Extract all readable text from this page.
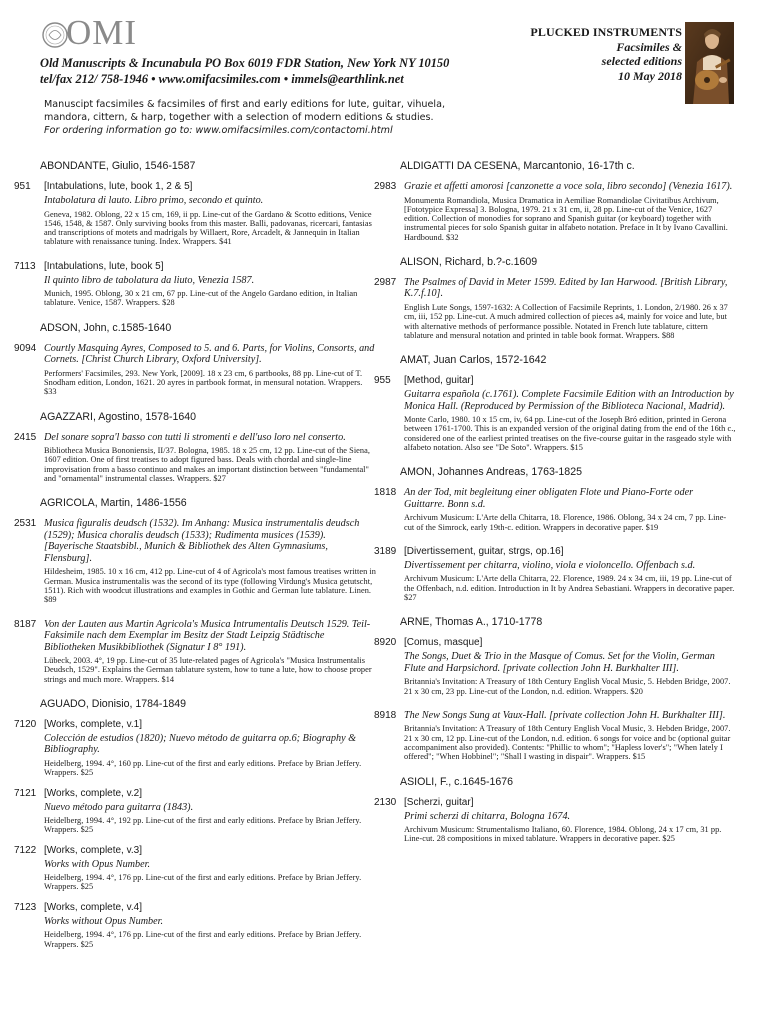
OMI
Old Manuscripts & Incunabula PO Box 6019 FDR Station, New York NY 10150
tel/fax 212/ 758-1946 • www.omifacsimiles.com • immels@earthlink.net
PLUCKED INSTRUMENTS
Facsimiles &
selected editions
10 May 2018
Manuscipt facsimiles & facsimiles of first and early editions for lute, guitar, vihuela,
mandora, cittern, & harp, together with a selection of modern editions & studies.
For ordering information go to: www.omifacsimiles.com/contactomi.html
ABONDANTE, Giulio, 1546-1587
951	[Intabulations, lute, book 1, 2 & 5]
Intabolatura di lauto. Libro primo, secondo et quinto.
Geneva, 1982. Oblong, 22 x 15 cm, 169, ii pp. Line-cut of the Gardano & Scotto editions, Venice 1546, 1548, & 1587. Only surviving books from this master. Balli, padovanas, ricercari, fantasias and transcriptions of motets and madrigals by Willaert, Rore, Arcadelt, & Jannequin in Italian tablature with renaissance tuning. Index. Wrappers. $41
7113 [Intabulations, lute, book 5]
Il quinto libro de tabolatura da liuto, Venezia 1587.
Munich, 1995. Oblong, 30 x 21 cm, 67 pp. Line-cut of the Angelo Gardano edition, in Italian tablature. Venice, 1587. Wrappers. $28
ADSON, John, c.1585-1640
9094 Courtly Masquing Ayres, Composed to 5. and 6. Parts, for Violins, Consorts, and Cornets. [Christ Church Library, Oxford University].
Performers' Facsimiles, 293. New York, [2009]. 18 x 23 cm, 6 partbooks, 88 pp. Line-cut of T. Snodham edition, London, 1621. 20 ayres in partbook format, in mensural notation. Wrappers. $33
AGAZZARI, Agostino, 1578-1640
2415 Del sonare sopra'l basso con tutti li stromenti e dell'uso loro nel conserto.
Bibliotheca Musica Bononiensis, II/37. Bologna, 1985. 18 x 25 cm, 12 pp. Line-cut of the Siena, 1607 edition. One of first treatises to adopt figured bass. Deals with chordal and single-line improvisation from a basso continuo and makes an important distinction between "fundamental" and "ornamental" instrumental classes. Wrappers. $27
AGRICOLA, Martin, 1486-1556
2531 Musica figuralis deudsch (1532). Im Anhang: Musica instrumentalis deudsch (1529); Musica choralis deudsch (1533); Rudimenta musices (1539). [Bayerische Staatsbibl., Munich & Bibliothek des Alten Gymnasiums, Flensburg].
Hildesheim, 1985. 10 x 16 cm, 412 pp. Line-cut of 4 of Agricola's most famous treatises written in German. Musica instrumentalis was the second of its type (following Virdung's Musica getutscht, 1511). Rich with woodcut illustrations and examples in Gothic and German lute tablature. Linen. $89
8187 Von der Lauten aus Martin Agricola's Musica Intrumentalis Deutsch 1529. Teil-Faksimile nach dem Exemplar im Besitz der Stadt Leipzig Städtische Bibliotheken Musikbibliothek (Signatur I 8° 191).
Lübeck, 2003. 4°, 19 pp. Line-cut of 35 lute-related pages of Agricola's "Musica Instrumentalis Deudsch, 1529". Explains the German tablature system, how to tune a lute, how to choose proper strings and much more. Wrappers. $14
AGUADO, Dionisio, 1784-1849
7120 [Works, complete, v.1]
Colección de estudios (1820); Nuevo método de guitarra op.6; Biography & Bibliography.
Heidelberg, 1994. 4°, 160 pp. Line-cut of the first and early editions. Preface by Brian Jeffery. Wrappers. $25
7121 [Works, complete, v.2]
Nuevo método para guitarra (1843).
Heidelberg, 1994. 4°, 192 pp. Line-cut of the first and early editions. Preface by Brian Jeffery. Wrappers. $25
7122 [Works, complete, v.3]
Works with Opus Number.
Heidelberg, 1994. 4°, 176 pp. Line-cut of the first and early editions. Preface by Brian Jeffery. Wrappers. $25
7123 [Works, complete, v.4]
Works without Opus Number.
Heidelberg, 1994. 4°, 176 pp. Line-cut of the first and early editions. Preface by Brian Jeffery. Wrappers. $25
ALDIGATTI DA CESENA, Marcantonio, 16-17th c.
2983 Grazie et affetti amorosi [canzonette a voce sola, libro secondo] (Venezia 1617).
Monumenta Romandiola, Musica Dramatica in Aemiliae Romandiolae Civitatibus Archivum, [Fototypice Expressa] 3. Bologna, 1979. 21 x 31 cm, ii, 28 pp. Line-cut of the Venice, 1627 edition. Collection of monodies for soprano and Spanish guitar (or keyboard) together with instrumental pieces for solo Spanish guitar in alfabeto notation. Preface in It by Ivano Cavallini. Hardbound. $32
ALISON, Richard, b.?-c.1609
2987 The Psalmes of David in Meter 1599. Edited by Ian Harwood. [British Library, K.7.f.10].
English Lute Songs, 1597-1632: A Collection of Facsimile Reprints, 1. London, 2/1980. 26 x 37 cm, iii, 152 pp. Line-cut. A much admired collection of pieces a4, mainly for voice and lute, but with alternative methods of performance possible. Notated in French lute tablature, cittern tablature and mensural notation and printed in table book format. Wrappers. $88
AMAT, Juan Carlos, 1572-1642
955	[Method, guitar]
Guitarra española (c.1761). Complete Facsimile Edition with an Introduction by Monica Hall. (Reproduced by Permission of the Biblioteca Nacional, Madrid).
Monte Carlo, 1980. 10 x 15 cm, iv, 64 pp. Line-cut of the Joseph Bró edition, printed in Gerona between 1761-1700. This is an expanded version of the original dating from the end of the 16th c., considered one of the earliest printed treatises on the five-course guitar in the rasgeado style with alfabeto notation. Also see "De Soto". Wrappers. $15
AMON, Johannes Andreas, 1763-1825
1818 An der Tod, mit begleitung einer obligaten Flote und Piano-Forte oder Guittarre. Bonn s.d.
Archivum Musicum: L'Arte della Chitarra, 18. Florence, 1986. Oblong, 34 x 24 cm, 7 pp. Line-cut of the Simrock, early 19th-c. edition. Wrappers in decorative paper. $19
3189 [Divertissement, guitar, strgs, op.16]
Divertissement per chitarra, violino, viola e violoncello. Offenbach s.d.
Archivum Musicum: L'Arte della Chitarra, 22. Florence, 1989. 24 x 34 cm, iii, 19 pp. Line-cut of the Offenbach, n.d. edition. Introduction in It by Andrea Sebastiani. Wrappers in decorative paper. $27
ARNE, Thomas A., 1710-1778
8920 [Comus, masque]
The Songs, Duet & Trio in the Masque of Comus. Set for the Violin, German Flute and Harpsichord. [private collection John H. Burkhalter III].
Britannia's Invitation: A Treasury of 18th Century English Vocal Music, 5. Hebden Bridge, 2007. 21 x 30 cm, 23 pp. Line-cut of the London, n.d. edition. Wrappers. $20
8918 The New Songs Sung at Vaux-Hall. [private collection John H. Burkhalter III].
Britannia's Invitation: A Treasury of 18th Century English Vocal Music, 3. Hebden Bridge, 2007. 21 x 30 cm, 12 pp. Line-cut of the London, n.d. edition. 6 songs for voice and bc (optional guitar accompaniment also provided). Contents: "Phillic to whom"; "Hapless lover's"; "When lately I offered"; "When Hobbinel"; "Shall I wasting in dispair". Wrappers. $15
ASIOLI, F., c.1645-1676
2130 [Scherzi, guitar]
Primi scherzi di chitarra, Bologna 1674.
Archivum Musicum: Strumentalismo Italiano, 60. Florence, 1984. Oblong, 24 x 17 cm, 31 pp. Line-cut. 28 compositions in mixed tablature. Wrappers in decorative paper. $25
